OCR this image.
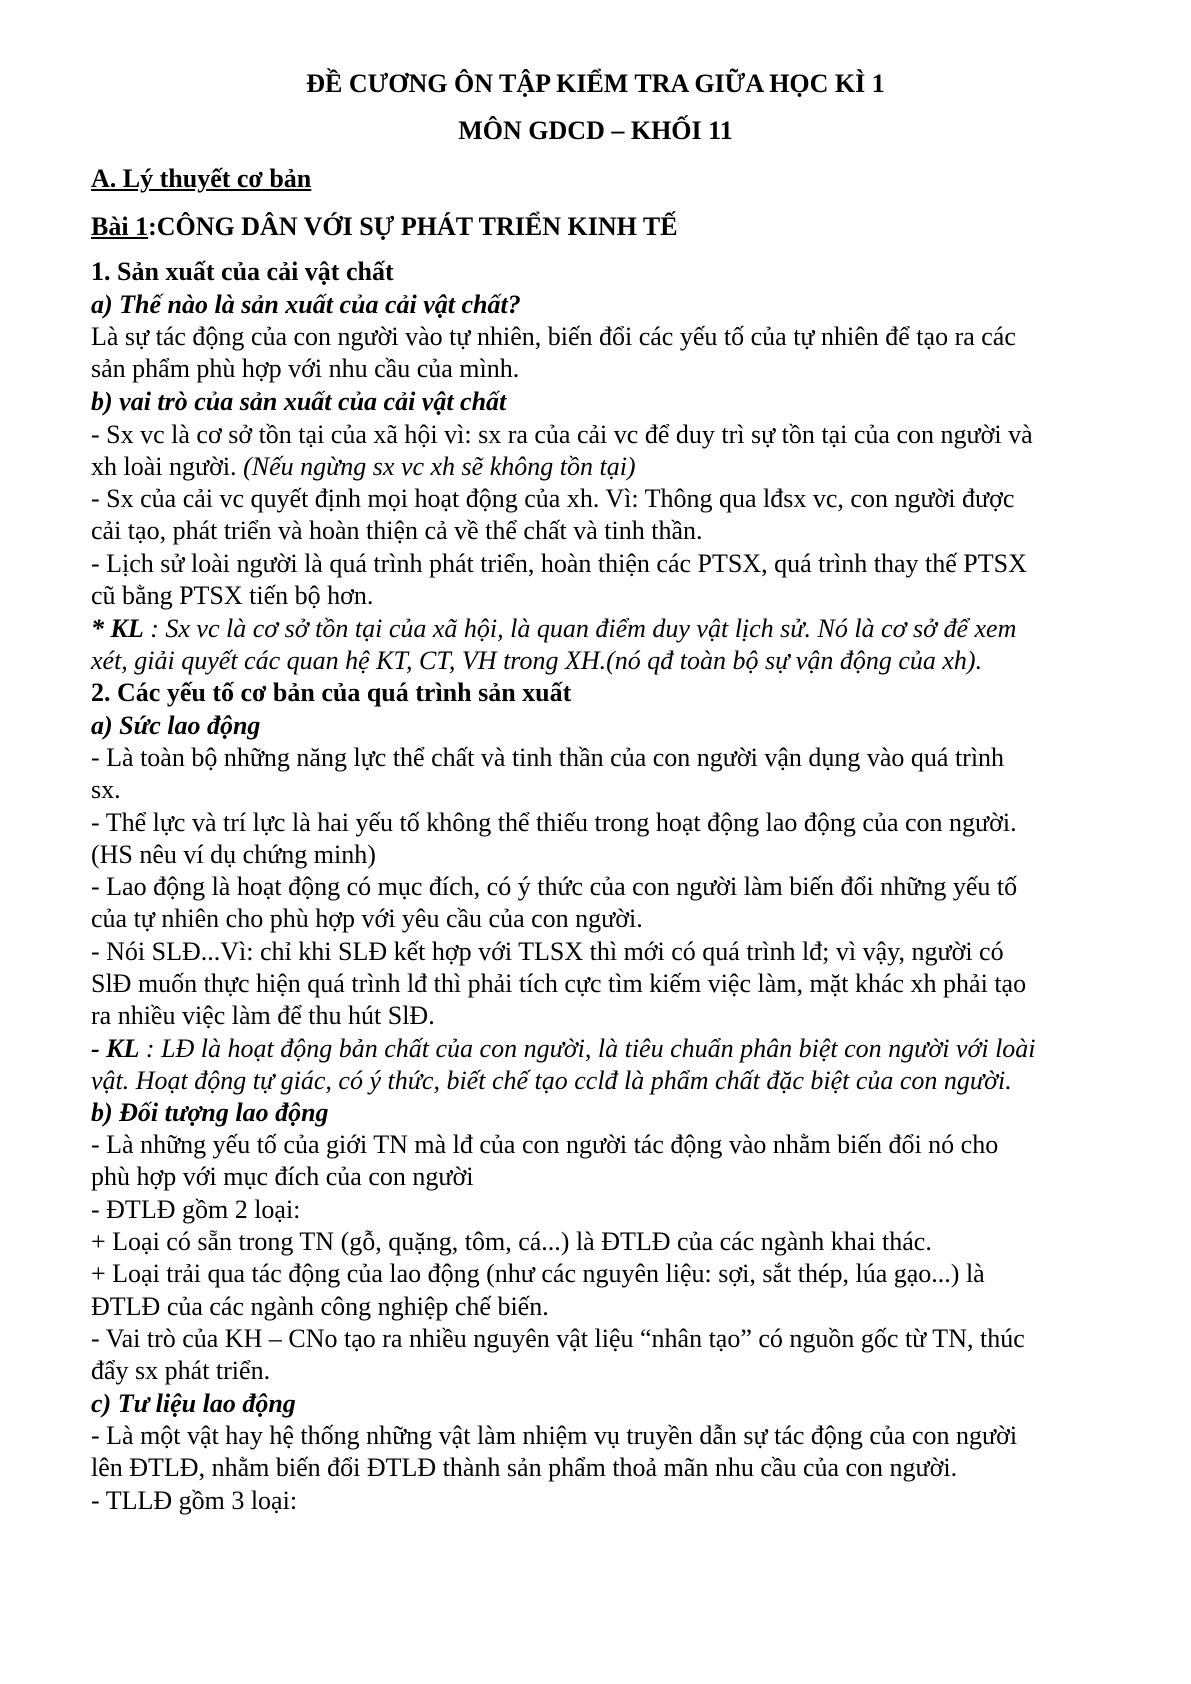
ĐỀ CƯƠNG ÔN TẬP KIỂM TRA GIỮA HỌC KÌ 1
MÔN GDCD – KHỐI 11
A. Lý thuyết cơ bản
Bài 1:CÔNG DÂN VỚI SỰ PHÁT TRIỂN KINH TẾ
1. Sản xuất của cải vật chất
a) Thế nào là sản xuất của cải vật chất?
Là sự tác động của con người vào tự nhiên, biến đổi các yếu tố của tự nhiên để tạo ra các
sản phẩm phù hợp với nhu cầu của mình.
b) vai trò của sản xuất của cải vật chất
- Sx vc là cơ sở tồn tại của xã hội vì: sx ra của cải vc để duy trì sự tồn tại của con người và
xh loài người. (Nếu ngừng sx vc xh sẽ không tồn tại)
- Sx của cải vc quyết định mọi hoạt động của xh. Vì: Thông qua lđsx vc, con người được
cải tạo, phát triển và hoàn thiện cả về thể chất và tinh thần.
- Lịch sử loài người là quá trình phát triển, hoàn thiện các PTSX, quá trình thay thế PTSX
cũ bằng PTSX tiến bộ hơn.
* KL : Sx vc là cơ sở tồn tại của xã hội, là quan điểm duy vật lịch sử. Nó là cơ sở để xem
xét, giải quyết các quan hệ KT, CT, VH trong XH.(nó qđ toàn bộ sự vận động của xh).
2. Các yếu tố cơ bản của quá trình sản xuất
a) Sức lao động
- Là toàn bộ những năng lực thể chất và tinh thần của con người vận dụng vào quá trình
sx.
- Thể lực và trí lực là hai yếu tố không thể thiếu trong hoạt động lao động của con người.
(HS nêu ví dụ chứng minh)
- Lao động là hoạt động có mục đích, có ý thức của con người làm biến đổi những yếu tố
của tự nhiên cho phù hợp với yêu cầu của con người.
- Nói SLĐ...Vì: chỉ khi SLĐ kết hợp với TLSX thì mới có quá trình lđ; vì vậy, người có
SlĐ muốn thực hiện quá trình lđ thì phải tích cực tìm kiếm việc làm, mặt khác xh phải tạo
ra nhiều việc làm để thu hút SlĐ.
- KL : LĐ là hoạt động bản chất của con người, là tiêu chuẩn phân biệt con người với loài
vật. Hoạt động tự giác, có ý thức, biết chế tạo cclđ là phẩm chất đặc biệt của con người.
b) Đối tượng lao động
- Là những yếu tố của giới TN mà lđ của con người tác động vào nhằm biến đổi nó cho
phù hợp với mục đích của con người
- ĐTLĐ gồm 2 loại:
+ Loại có sẵn trong TN (gỗ, quặng, tôm, cá...) là ĐTLĐ của các ngành khai thác.
+ Loại trải qua tác động của lao động (như các nguyên liệu: sợi, sắt thép, lúa gạo...) là
ĐTLĐ của các ngành công nghiệp chế biến.
- Vai trò của KH – CNo tạo ra nhiều nguyên vật liệu “nhân tạo” có nguồn gốc từ TN, thúc
đẩy sx phát triển.
c) Tư liệu lao động
- Là một vật hay hệ thống những vật làm nhiệm vụ truyền dẫn sự tác động của con người
lên ĐTLĐ, nhằm biến đổi ĐTLĐ thành sản phẩm thoả mãn nhu cầu của con người.
- TLLĐ gồm 3 loại:
